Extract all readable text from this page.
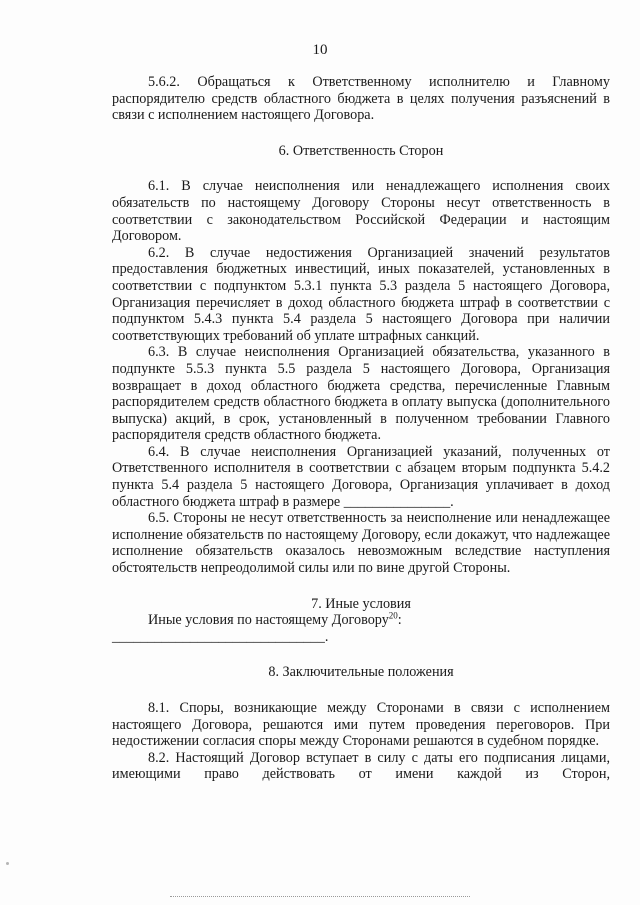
10

5.6.2. Обращаться к Ответственному исполнителю и Главному распорядителю средств областного бюджета в целях получения разъяснений в связи с исполнением настоящего Договора.

6. Ответственность Сторон

6.1. В случае неисполнения или ненадлежащего исполнения своих обязательств по настоящему Договору Стороны несут ответственность в соответствии с законодательством Российской Федерации и настоящим Договором.

6.2. В случае недостижения Организацией значений результатов предоставления бюджетных инвестиций, иных показателей, установленных в соответствии с подпунктом 5.3.1 пункта 5.3 раздела 5 настоящего Договора, Организация перечисляет в доход областного бюджета штраф в соответствии с подпунктом 5.4.3 пункта 5.4 раздела 5 настоящего Договора при наличии соответствующих требований об уплате штрафных санкций.

6.3. В случае неисполнения Организацией обязательства, указанного в подпункте 5.5.3 пункта 5.5 раздела 5 настоящего Договора, Организация возвращает в доход областного бюджета средства, перечисленные Главным распорядителем средств областного бюджета в оплату выпуска (дополнительного выпуска) акций, в срок, установленный в полученном требовании Главного распорядителя средств областного бюджета.

6.4. В случае неисполнения Организацией указаний, полученных от Ответственного исполнителя в соответствии с абзацем вторым подпункта 5.4.2 пункта 5.4 раздела 5 настоящего Договора, Организация уплачивает в доход областного бюджета штраф в размере _______________.

6.5. Стороны не несут ответственность за неисполнение или ненадлежащее исполнение обязательств по настоящему Договору, если докажут, что надлежащее исполнение обязательств оказалось невозможным вследствие наступления обстоятельств непреодолимой силы или по вине другой Стороны.

7. Иные условия

Иные условия по настоящему Договору$^{20}$: ______________________________.

8. Заключительные положения

8.1. Споры, возникающие между Сторонами в связи с исполнением настоящего Договора, решаются ими путем проведения переговоров. При недостижении согласия споры между Сторонами решаются в судебном порядке.

8.2. Настоящий Договор вступает в силу с даты его подписания лицами, имеющими право действовать от имени каждой из Сторон,
